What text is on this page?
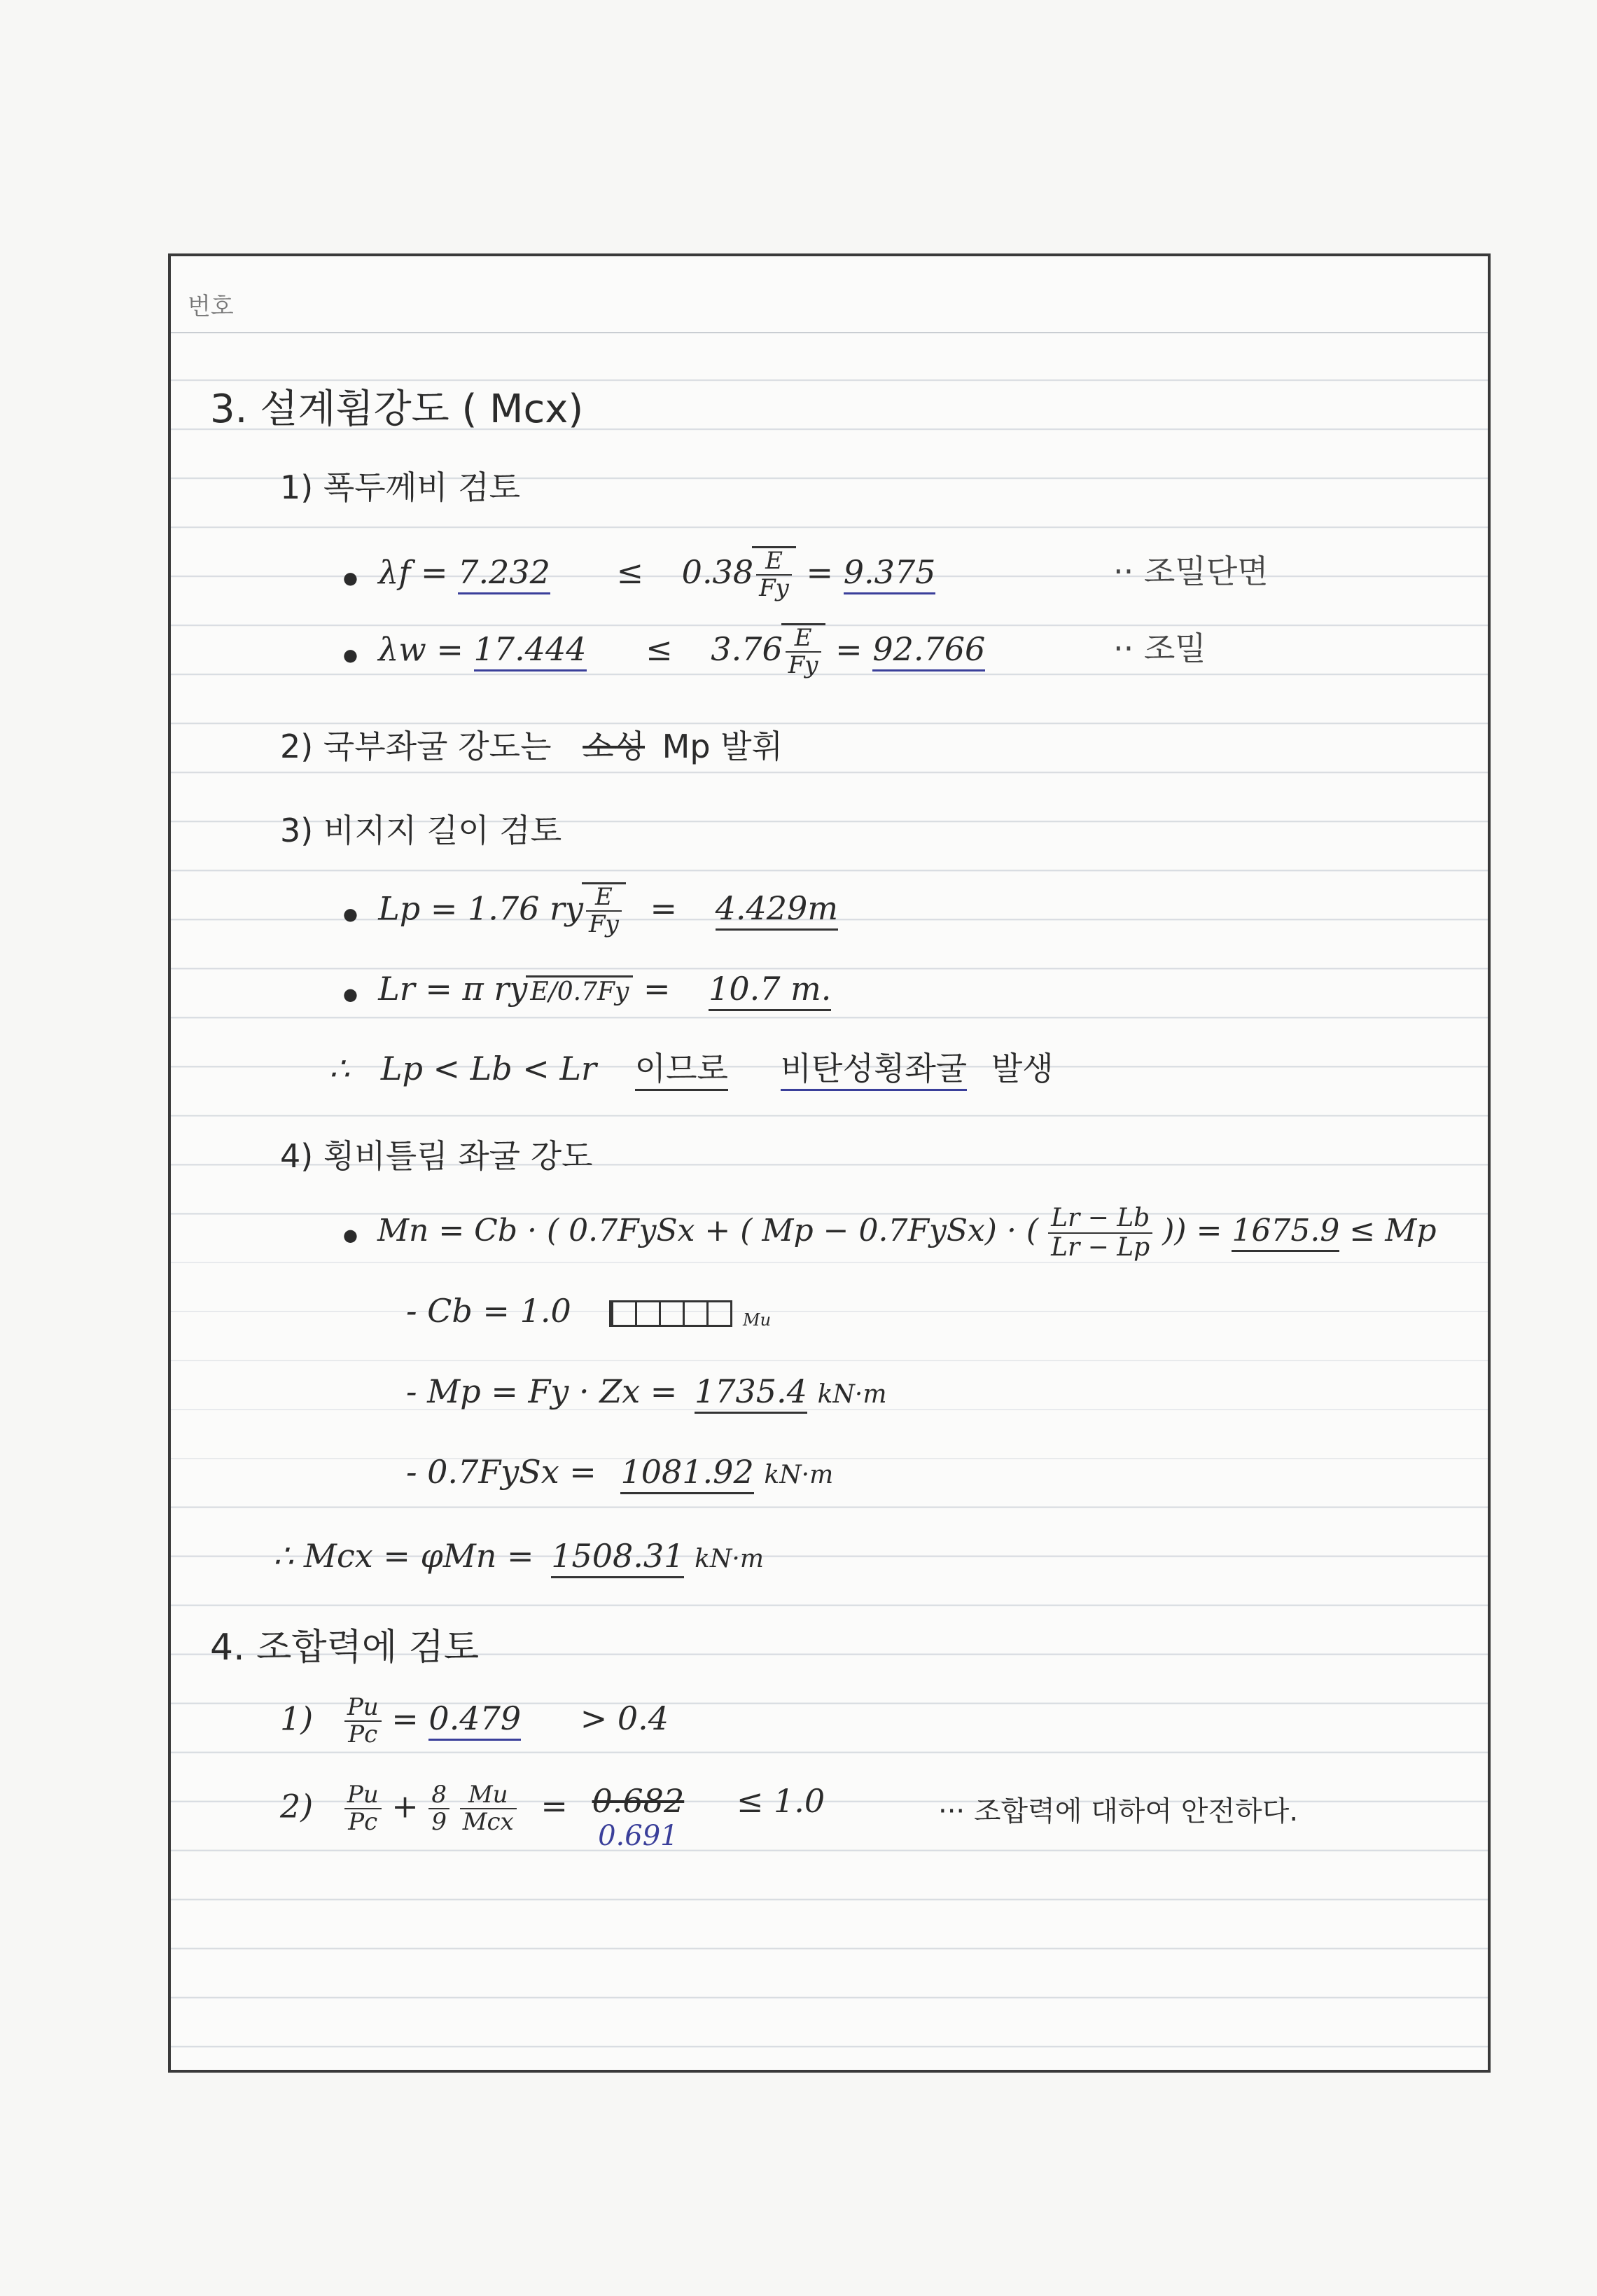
번호
3. 설계휨강도 ( Mcx)
1) 폭두께비 검토
● $\lambda f = 7.232 \le 0.38 \frac{E}{Fy} = 9.375$	·· 조밀단면
● $\lambda w = 17.444 \le 3.76 \frac{E}{Fy} = 92.766$	·· 조밀
2) 국부좌굴 강도는 소성 Mp 발휘
3) 비지지 길이 검토
● Lp = 1.76 ry $\frac{E}{Fy} = 4.429m$
● Lr = π ry E/0.7Fy = 10.7 m.
∴ Lp < Lb < Lr 이므로 비탄성횡좌굴 발생
4) 횡비틀림 좌굴 강도
● Mn = Cb · ( 0.7FySx + ( Mp − 0.7FySx) · ( $\frac{Lr - Lb}{Lr - Lp}$ )) = 1675.9 ≤ Mp
- Cb = 1.0	Mu
- Mp = Fy · Zx = 1735.4 kN·m
- 0.7FySx = 1081.92 kN·m
∴ Mcx = φMn = 1508.31 kN·m
4. 조합력에 검토
$1) \frac{Pu}{Pc} = 0.479 > 0.4$
$2) \frac{Pu}{Pc} + \frac{8}{9}$
$\frac{Mu}{\text{Mcx}} = 0.682$
0.691
≤ 1.0	··· 조합력에 대하여 안전하다.
